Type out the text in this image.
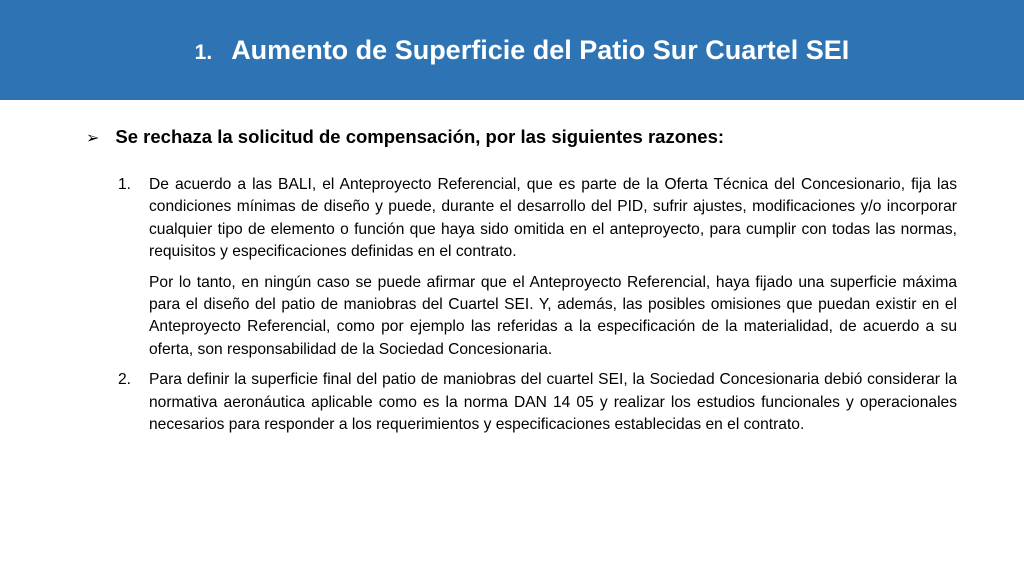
1. Aumento de Superficie del Patio Sur Cuartel SEI
➢ Se rechaza la solicitud de compensación, por las siguientes razones:
1.	De acuerdo a las BALI, el Anteproyecto Referencial, que es parte de la Oferta Técnica del Concesionario, fija las condiciones mínimas de diseño y puede, durante el desarrollo del PID, sufrir ajustes, modificaciones y/o incorporar cualquier tipo de elemento o función que haya sido omitida en el anteproyecto, para cumplir con todas las normas, requisitos y especificaciones definidas en el contrato.

Por lo tanto, en ningún caso se puede afirmar que el Anteproyecto Referencial, haya fijado una superficie máxima para el diseño del patio de maniobras del Cuartel SEI. Y, además, las posibles omisiones que puedan existir en el Anteproyecto Referencial, como por ejemplo las referidas a la especificación de la materialidad, de acuerdo a su oferta, son responsabilidad de la Sociedad Concesionaria.

2.	Para definir la superficie final del patio de maniobras del cuartel SEI, la Sociedad Concesionaria debió considerar la normativa aeronáutica aplicable como es la norma DAN 14 05 y realizar los estudios funcionales y operacionales necesarios para responder a los requerimientos y especificaciones establecidas en el contrato.
